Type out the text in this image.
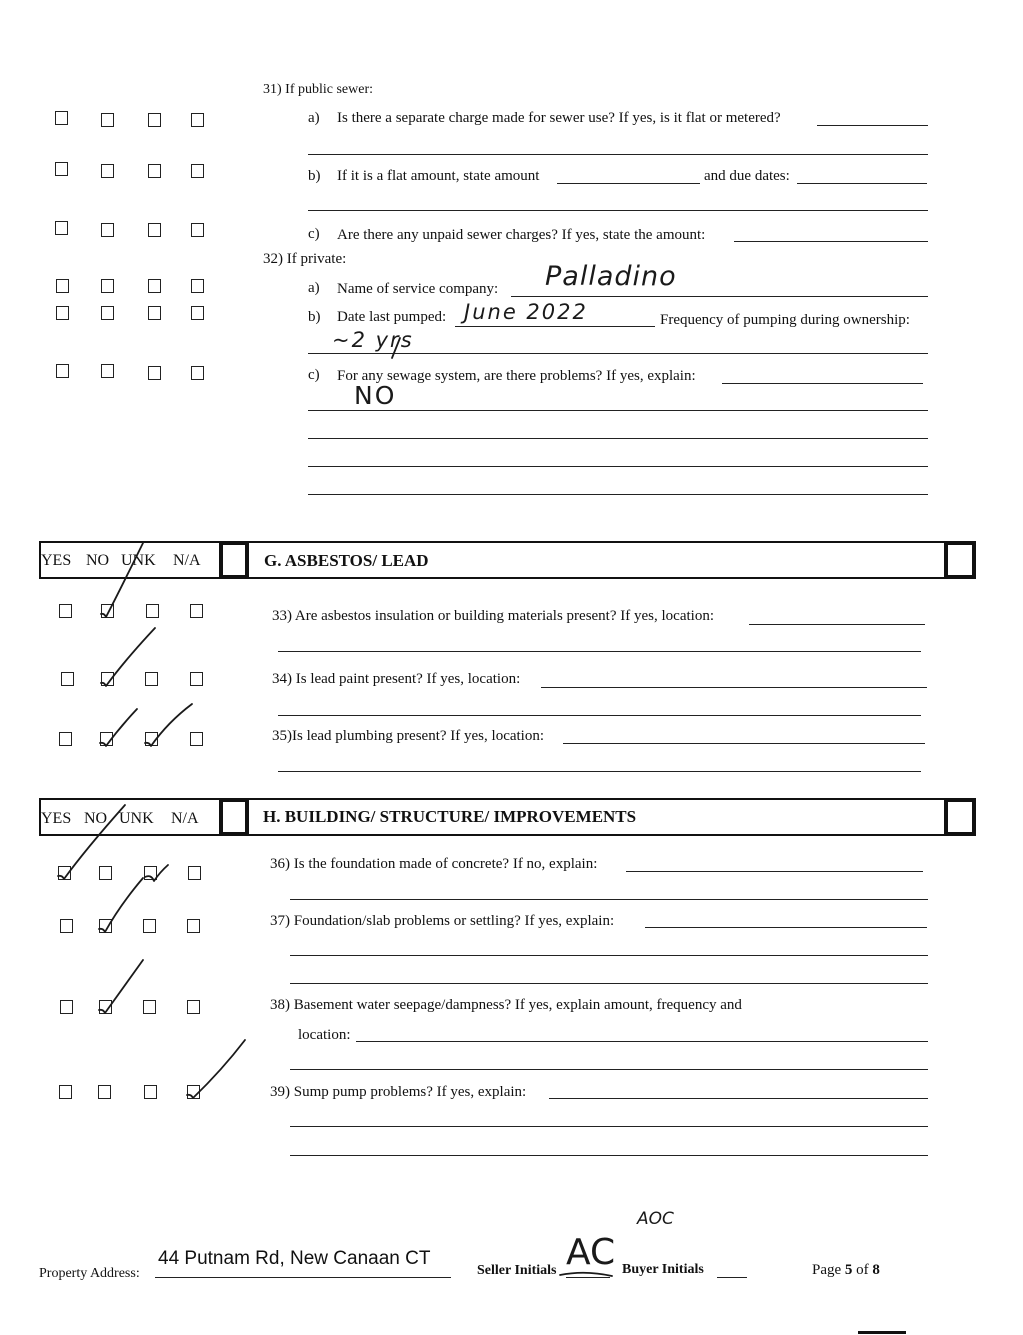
31) If public sewer:
a) Is there a separate charge made for sewer use? If yes, is it flat or metered?
b) If it is a flat amount, state amount	and due dates:
c) Are there any unpaid sewer charges? If yes, state the amount:
32) If private:
a) Name of service company: Palladino
b) Date last pumped: June 2022	Frequency of pumping during ownership:
~2 yrs
c) For any sewage system, are there problems? If yes, explain:
NO
YES NO UNK N/A	G. ASBESTOS/ LEAD
33) Are asbestos insulation or building materials present? If yes, location:
34) Is lead paint present? If yes, location:
35)Is lead plumbing present? If yes, location:
YES NO UNK N/A	H. BUILDING/ STRUCTURE/ IMPROVEMENTS
36) Is the foundation made of concrete? If no, explain:
37) Foundation/slab problems or settling? If yes, explain:
38) Basement water seepage/dampness? If yes, explain amount, frequency and
location:
39) Sump pump problems? If yes, explain:
Property Address:
44 Putnam Rd, New Canaan CT
Seller Initials AC Buyer Initials
AOC
Page 5 of 8
